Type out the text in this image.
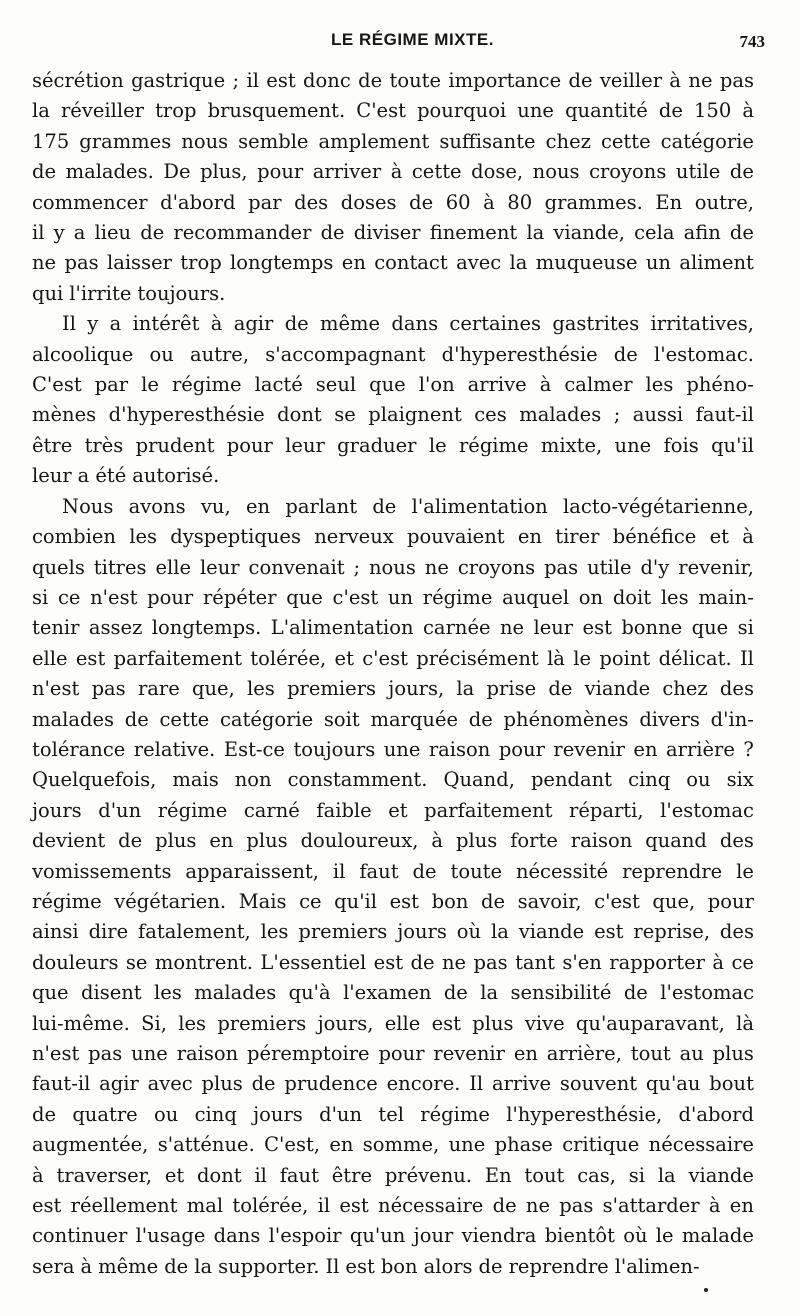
LE RÉGIME MIXTE.	743
sécrétion gastrique ; il est donc de toute importance de veiller à ne pas
la réveiller trop brusquement. C'est pourquoi une quantité de 150 à
175 grammes nous semble amplement suffisante chez cette catégorie
de malades. De plus, pour arriver à cette dose, nous croyons utile de
commencer d'abord par des doses de 60 à 80 grammes. En outre,
il y a lieu de recommander de diviser finement la viande, cela afin de
ne pas laisser trop longtemps en contact avec la muqueuse un aliment
qui l'irrite toujours.
Il y a intérêt à agir de même dans certaines gastrites irritatives,
alcoolique ou autre, s'accompagnant d'hyperesthésie de l'estomac.
C'est par le régime lacté seul que l'on arrive à calmer les phéno-
mènes d'hyperesthésie dont se plaignent ces malades ; aussi faut-il
être très prudent pour leur graduer le régime mixte, une fois qu'il
leur a été autorisé.
Nous avons vu, en parlant de l'alimentation lacto-végétarienne,
combien les dyspeptiques nerveux pouvaient en tirer bénéfice et à
quels titres elle leur convenait ; nous ne croyons pas utile d'y revenir,
si ce n'est pour répéter que c'est un régime auquel on doit les main-
tenir assez longtemps. L'alimentation carnée ne leur est bonne que si
elle est parfaitement tolérée, et c'est précisément là le point délicat. Il
n'est pas rare que, les premiers jours, la prise de viande chez des
malades de cette catégorie soit marquée de phénomènes divers d'in-
tolérance relative. Est-ce toujours une raison pour revenir en arrière ?
Quelquefois, mais non constamment. Quand, pendant cinq ou six
jours d'un régime carné faible et parfaitement réparti, l'estomac
devient de plus en plus douloureux, à plus forte raison quand des
vomissements apparaissent, il faut de toute nécessité reprendre le
régime végétarien. Mais ce qu'il est bon de savoir, c'est que, pour
ainsi dire fatalement, les premiers jours où la viande est reprise, des
douleurs se montrent. L'essentiel est de ne pas tant s'en rapporter à ce
que disent les malades qu'à l'examen de la sensibilité de l'estomac
lui-même. Si, les premiers jours, elle est plus vive qu'auparavant, là
n'est pas une raison péremptoire pour revenir en arrière, tout au plus
faut-il agir avec plus de prudence encore. Il arrive souvent qu'au bout
de quatre ou cinq jours d'un tel régime l'hyperesthésie, d'abord
augmentée, s'atténue. C'est, en somme, une phase critique nécessaire
à traverser, et dont il faut être prévenu. En tout cas, si la viande
est réellement mal tolérée, il est nécessaire de ne pas s'attarder à en
continuer l'usage dans l'espoir qu'un jour viendra bientôt où le malade
sera à même de la supporter. Il est bon alors de reprendre l'alimen-
